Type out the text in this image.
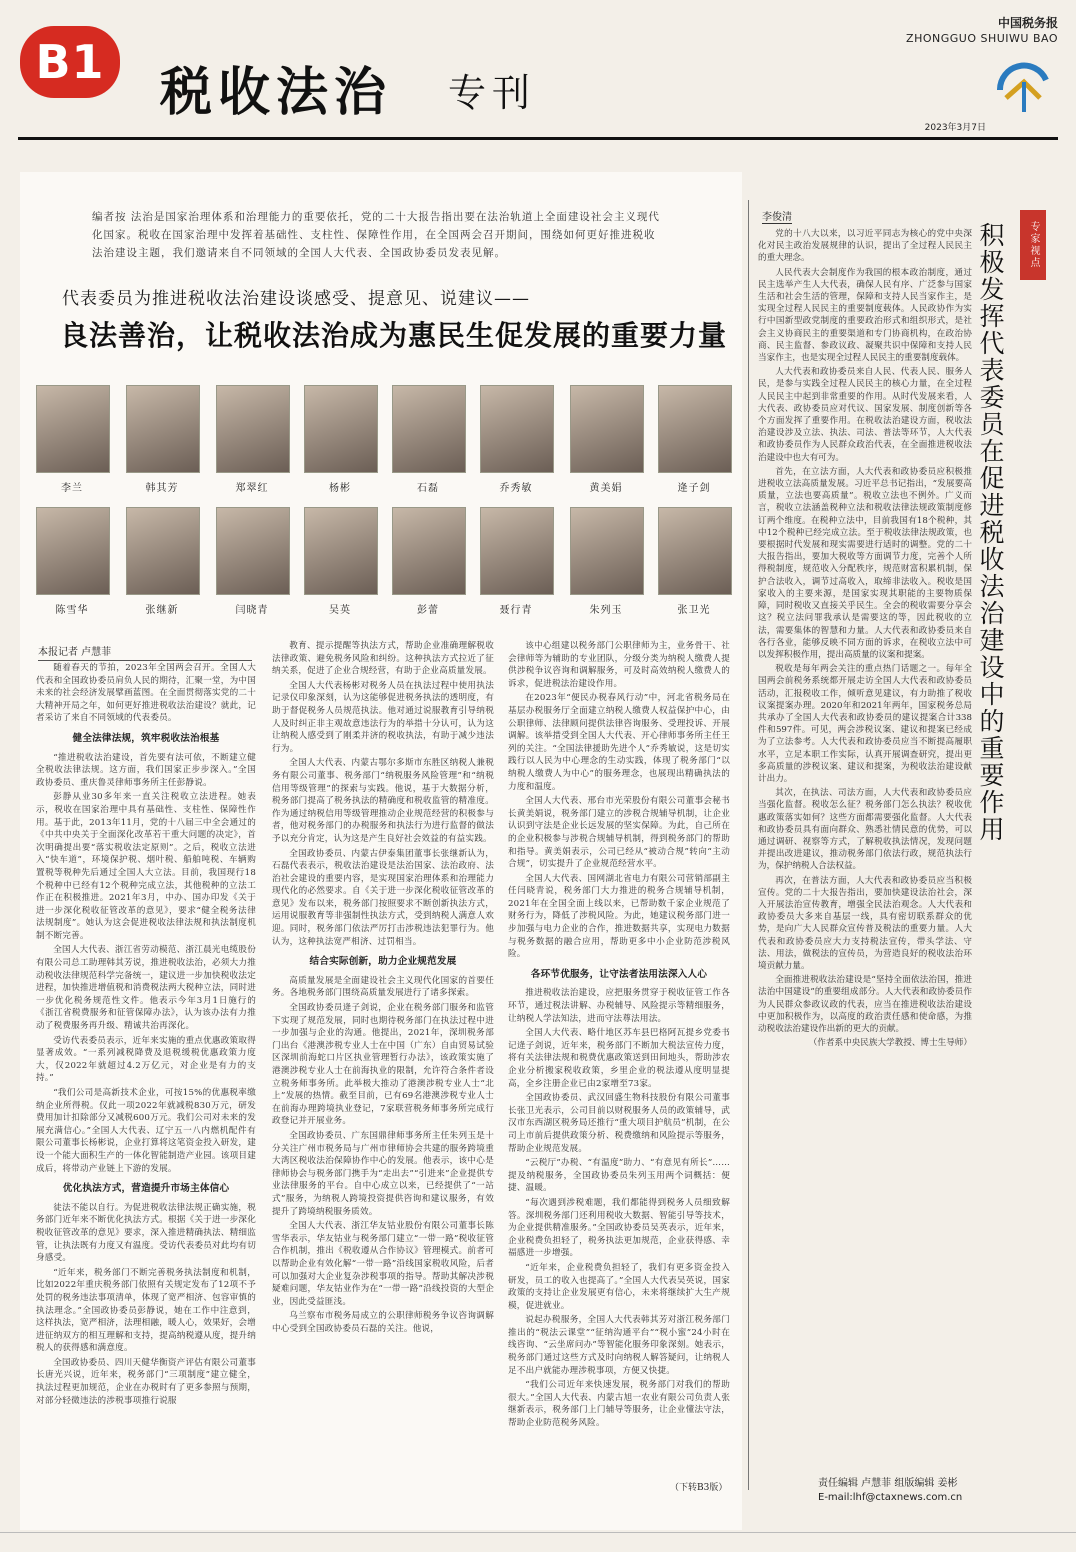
B1
税收法治 专刊
中国税务报
ZHONGGUO SHUIWU BAO
2023年3月7日
编者按 法治是国家治理体系和治理能力的重要依托，党的二十大报告指出要在法治轨道上全面建设社会主义现代化国家。税收在国家治理中发挥着基础性、支柱性、保障性作用，在全国两会召开期间，围绕如何更好推进税收法治建设主题，我们邀请来自不同领域的全国人大代表、全国政协委员发表见解。
代表委员为推进税收法治建设谈感受、提意见、说建议——
良法善治，让税收法治成为惠民生促发展的重要力量
李兰	韩其芳	郑翠红	杨彬	石磊	乔秀敏	黄美娟	逄子剑
陈雪华	张继新	闫晓青	吴英	彭蕾	聂行青	朱列玉	张卫光
本报记者 卢慧菲

随着春天的节拍，2023年全国两会召开。全国人大代表和全国政协委员肩负人民的期待，汇聚一堂，为中国未来的社会经济发展擘画蓝图。在全面贯彻落实党的二十大精神开局之年，如何更好推进税收法治建设？就此，记者采访了来自不同领域的代表委员。

健全法律法规，筑牢税收法治根基

“推进税收法治建设，首先要有法可依，不断建立健全税收法律法规。这方面，我们国家正步步深入。”全国政协委员、重庆鲁灵律师事务所主任彭静说。

彭静从业30多年来一直关注税收立法进程。她表示，税收在国家治理中具有基础性、支柱性、保障性作用。基于此，2013年11月，党的十八届三中全会通过的《中共中央关于全面深化改革若干重大问题的决定》，首次明确提出要“落实税收法定原则”。之后，税收立法进入“快车道”，环境保护税、烟叶税、船舶吨税、车辆购置税等税种先后通过全国人大立法。目前，我国现行18个税种中已经有12个税种完成立法，其他税种的立法工作正在积极推进。2021年3月，中办、国办印发《关于进一步深化税收征管改革的意见》，要求“健全税务法律法规制度”。她认为这会促进税收法律法规和执法制度机制不断完善。

全国人大代表、浙江省劳动模范、浙江晨光电缆股份有限公司总工助理韩其芳说，推进税收法治，必须大力推动税收法律规范科学完备统一，建议进一步加快税收法定进程，加快推进增值税和消费税法两大税种立法，同时进一步优化税务规范性文件。他表示今年3月1日施行的《浙江省税费服务和征管保障办法》，认为该办法有力推动了税费服务再升级、精诚共治再深化。

受访代表委员表示，近年来实施的重点优惠政策取得显著成效。“一系列减税降费及退税缓税优惠政策力度大，仅2022年就超过4.2万亿元，对企业是有力的支持。”

“我们公司是高新技术企业，可按15%的优惠税率缴纳企业所得税。仅此一项2022年就减税830万元，研发费用加计扣除部分又减税600万元。我们公司对未来的发展充满信心。”全国人大代表、辽宁五一八内燃机配件有限公司董事长杨彬说，企业打算将这笔资金投入研发，建设一个能大面积生产的一体化智能制造产业园。该项目建成后，将带动产业链上下游的发展。

优化执法方式，营造提升市场主体信心

徒法不能以自行。为促进税收法律法规正确实施，税务部门近年来不断优化执法方式。根据《关于进一步深化税收征管改革的意见》要求，深入推进精确执法、精细监管，让执法既有力度又有温度。受访代表委员对此均有切身感受。

“近年来，税务部门不断完善税务执法制度和机制，比如2022年重庆税务部门依照有关规定发布了12项不予处罚的税务违法事项清单，体现了宽严相济、包容审慎的执法理念。”全国政协委员彭静说，她在工作中注意到，这样执法，宽严相济，法理相融，暖人心，效果好，会增进征纳双方的相互理解和支持，提高纳税遵从度，提升纳税人的获得感和满意度。

全国政协委员、四川天健华衡资产评估有限公司董事长唐光兴说，近年来，税务部门“三项制度”建立健全，执法过程更加规范，企业在办税时有了更多参照与预期，对部分轻微违法的涉税事项推行说服

教育、提示提醒等执法方式，帮助企业准确理解税收法律政策、避免税务风险和纠纷。这种执法方式拉近了征纳关系，促进了企业合规经营，有助于企业高质量发展。

全国人大代表杨彬对税务人员在执法过程中使用执法记录仪印象深刻，认为这能够促进税务执法的透明度，有助于督促税务人员规范执法。他对通过说服教育引导纳税人及时纠正非主观故意违法行为的举措十分认可，认为这让纳税人感受到了刚柔并济的税收执法，有助于减少违法行为。

全国人大代表、内蒙古鄂尔多斯市东胜区纳税人兼税务有限公司董事、税务部门“纳税服务风险管理”和“纳税信用等级管理”的探索与实践。他说，基于大数据分析，税务部门提高了税务执法的精确度和税收监管的精准度。作为通过纳税信用等级管理推动企业规范经营的积极参与者，他对税务部门的办税服务和执法行为进行监督的做法予以充分肯定，认为这是产生良好社会效益的有益实践。

全国政协委员、内蒙古伊泰集团董事长张继新认为，石磊代表表示，税收法治建设是法治国家、法治政府、法治社会建设的重要内容，是实现国家治理体系和治理能力现代化的必然要求。自《关于进一步深化税收征管改革的意见》发布以来，税务部门按照要求不断创新执法方式，运用说服教育等非强制性执法方式，受到纳税人满意人欢迎。同时，税务部门依法严厉打击涉税违法犯罪行为。他认为，这种执法宽严相济、过罚相当。

结合实际创新，助力企业规范发展

高质量发展是全面建设社会主义现代化国家的首要任务。各地税务部门围绕高质量发展进行了诸多探索。

全国政协委员逄子剑说，企业在税务部门服务和监管下实现了规范发展，同时也期待税务部门在执法过程中进一步加强与企业的沟通。他提出，2021年，深圳税务部门出台《港澳涉税专业人士在中国（广东）自由贸易试验区深圳前海蛇口片区执业管理暂行办法》，该政策实施了港澳涉税专业人士在前海执业的限制，允许符合条件者设立税务师事务所。此举极大推动了港澳涉税专业人士“北上”发展的热情。截至目前，已有69名港澳涉税专业人士在前海办理跨境执业登记，7家联营税务师事务所完成行政登记并开展业务。

全国政协委员、广东国鼎律师事务所主任朱列玉是十分关注广州市税务局与广州市律师协会共建的服务跨境重大湾区税收法治保障协作中心的发展。他表示，该中心是律师协会与税务部门携手为“走出去”“引进来”企业提供专业法律服务的平台。自中心成立以来，已经提供了“一站式”服务，为纳税人跨境投资提供咨询和建议服务，有效提升了跨境纳税服务质效。

全国人大代表、浙江华友钴业股份有限公司董事长陈雪华表示，华友钴业与税务部门建立“一带一路”税收征管合作机制，推出《税收遵从合作协议》管理模式。前者可以帮助企业有效化解“一带一路”沿线国家税收风险，后者可以加强对大企业复杂涉税事项的指导。帮助其解决涉税疑难问题，华友钴业作为在“一带一路”沿线投资的大型企业，因此受益匪浅。

乌兰察布市税务局成立的公职律师税务争议咨询调解中心受到全国政协委员石磊的关注。他说，

该中心组建以税务部门公职律师为主，业务骨干、社会律师等为辅助的专业团队，分级分类为纳税人缴费人提供涉税争议咨询和调解服务，可及时高效纳税人缴费人的诉求，促进税法治建设作用。

在2023年“便民办税春风行动”中，河北省税务局在基层办税服务厅全面建立纳税人缴费人权益保护中心，由公职律师、法律顾问提供法律咨询服务、受理投诉、开展调解。该举措受到全国人大代表、开心律师事务所主任王列的关注。“全国法律援助先进个人”乔秀敏说，这是切实践行以人民为中心理念的生动实践，体现了税务部门“以纳税人缴费人为中心”的服务理念，也展现出精确执法的力度和温度。

全国人大代表、邢台市光荣股份有限公司董事会秘书长黄美娟说，税务部门建立的涉税合规辅导机制，让企业认识到守法是企业长远发展的坚实保障。为此，自己所在的企业积极参与涉税合规辅导机制，得到税务部门的帮助和指导。黄美娟表示，公司已经从“被动合规”转向“主动合规”，切实提升了企业规范经营水平。

全国人大代表、国网湖北省电力有限公司营销部副主任闫晓青说，税务部门大力推进的税务合规辅导机制，2021年在全国全面上线以来，已帮助数千家企业规范了财务行为，降低了涉税风险。为此，她建议税务部门进一步加强与电力企业的合作，推进数据共享，实现电力数据与税务数据的融合应用，帮助更多中小企业防范涉税风险。

各环节优服务，让守法者法用法深入人心

推进税收法治建设，应把服务贯穿于税收征管工作各环节，通过税法讲解、办税辅导、风险提示等精细服务，让纳税人学法知法，进而守法尊法用法。

全国人大代表、略什地区苏车县巴格阿瓦提乡党委书记逄子剑说，近年来，税务部门不断加大税法宣传力度，将有关法律法规和税费优惠政策送到田间地头，帮助涉农企业分析搬家税收政策，乡里企业的税法遵从度明显提高，全乡注册企业已由2家增至73家。

全国政协委员、武汉回盛生物科技股份有限公司董事长张卫光表示，公司目前以财税服务人员的政策辅导，武汉市东西湖区税务局还推行“重大项目护航员”机制，在公司上市前后提供政策分析、税费缴纳和风险提示等服务，帮助企业规范发展。

“云税厅”办税、“有温度”助力、“有意见有所长”……提及纳税服务，全国政协委员朱列玉用两个词概括：便捷、温暖。

“每次遇到涉税难题，我们都能得到税务人员细致解答。深圳税务部门还利用税收大数据、智能引导等技术，为企业提供精准服务。”全国政协委员吴英表示，近年来，企业税费负担轻了，税务执法更加规范，企业获得感、幸福感进一步增强。

“近年来，企业税费负担轻了，我们有更多资金投入研发，员工的收入也提高了。”全国人大代表吴英说，国家政策的支持让企业发展更有信心，未来将继续扩大生产规模，促进就业。

说起办税服务，全国人大代表韩其芳对浙江税务部门推出的“税法云课堂”“征纳沟通平台”“税小蜜”24小时在线咨询、“云坐席问办”等智能化服务印象深刻。她表示，税务部门通过这些方式及时向纳税人解答疑问，让纳税人足不出户就能办理涉税事项，方便又快捷。

“我们公司近年来快速发展，税务部门对我们的帮助很大。”全国人大代表、内蒙古旭一农业有限公司负责人张继新表示，税务部门上门辅导等服务，让企业懂法守法，帮助企业防范税务风险。

（下转B3版）
专家视点
积极发挥代表委员在促进税收法治建设中的重要作用
李俊清

党的十八大以来，以习近平同志为核心的党中央深化对民主政治发展规律的认识，提出了全过程人民民主的重大理念。

人民代表大会制度作为我国的根本政治制度，通过民主选举产生人大代表，确保人民有序、广泛参与国家生活和社会生活的管理，保障和支持人民当家作主，是实现全过程人民民主的重要制度载体。人民政协作为实行中国新型政党制度的重要政治形式和组织形式，是社会主义协商民主的重要渠道和专门协商机构，在政治协商、民主监督、参政议政、凝聚共识中保障和支持人民当家作主，也是实现全过程人民民主的重要制度载体。

人大代表和政协委员来自人民、代表人民、服务人民，是参与实践全过程人民民主的核心力量，在全过程人民民主中起到非常重要的作用。从时代发展来看，人大代表、政协委员应对代议、国家发展、制度创新等各个方面发挥了重要作用。在税收法治建设方面，税收法治建设涉及立法、执法、司法、普法等环节，人大代表和政协委员作为人民群众政治代表，在全面推进税收法治建设中也大有可为。

首先，在立法方面，人大代表和政协委员应积极推进税收立法高质量发展。习近平总书记指出，“发展要高质量，立法也要高质量”。税收立法也不例外。广义而言，税收立法涵盖税种立法和税收法律法规政策制度修订两个维度。在税种立法中，目前我国有18个税种，其中12个税种已经完成立法。至于税收法律法规政策，也要根据时代发展和现实需要进行适时的调整。党的二十大报告指出，要加大税收等方面调节力度，完善个人所得税制度，规范收入分配秩序，规范财富积累机制，保护合法收入，调节过高收入，取缔非法收入。税收是国家收入的主要来源，是国家实现其职能的主要物质保障，同时税收又直接关乎民生。全会的税收需要分享会这？税立法问罪我承认是需要这的等，因此税收的立法，需要集体的智慧和力量。人大代表和政协委员来自各行各业，能够反映不同方面的诉求，在税收立法中可以发挥积极作用，提出高质量的议案和提案。

税收是每年两会关注的重点热门话题之一。每年全国两会前税务系统都开展走访全国人大代表和政协委员活动，汇报税收工作，倾听意见建议，有力助推了税收议案提案办理。2020年和2021年两年，国家税务总局共承办了全国人大代表和政协委员的建议提案合计338件和597件。可见，两会涉税议案、建议和提案已经成为了立法参考。人大代表和政协委员应当不断提高履职水平，立足本职工作实际，认真开展调查研究，提出更多高质量的涉税议案、建议和提案，为税收法治建设献计出力。

其次，在执法、司法方面，人大代表和政协委员应当强化监督。税收怎么征？税务部门怎么执法？税收优惠政策落实如何？这些方面都需要强化监督。人大代表和政协委员具有面向群众、熟悉社情民意的优势，可以通过调研、视察等方式，了解税收执法情况，发现问题并提出改进建议，推动税务部门依法行政，规范执法行为，保护纳税人合法权益。

再次，在普法方面，人大代表和政协委员应当积极宣传。党的二十大报告指出，要加快建设法治社会，深入开展法治宣传教育，增强全民法治观念。人大代表和政协委员大多来自基层一线，具有密切联系群众的优势，是向广大人民群众宣传普及税法的重要力量。人大代表和政协委员应大力支持税法宣传，带头学法、守法、用法，做税法的宣传员，为营造良好的税收法治环境贡献力量。

全面推进税收法治建设是“坚持全面依法治国，推进法治中国建设”的重要组成部分。人大代表和政协委员作为人民群众参政议政的代表，应当在推进税收法治建设中更加积极作为，以高度的政治责任感和使命感，为推动税收法治建设作出新的更大的贡献。

（作者系中央民族大学教授、博士生导师）

责任编辑 卢慧菲 组版编辑 姜彬
E-mail:lhf@ctaxnews.com.cn
